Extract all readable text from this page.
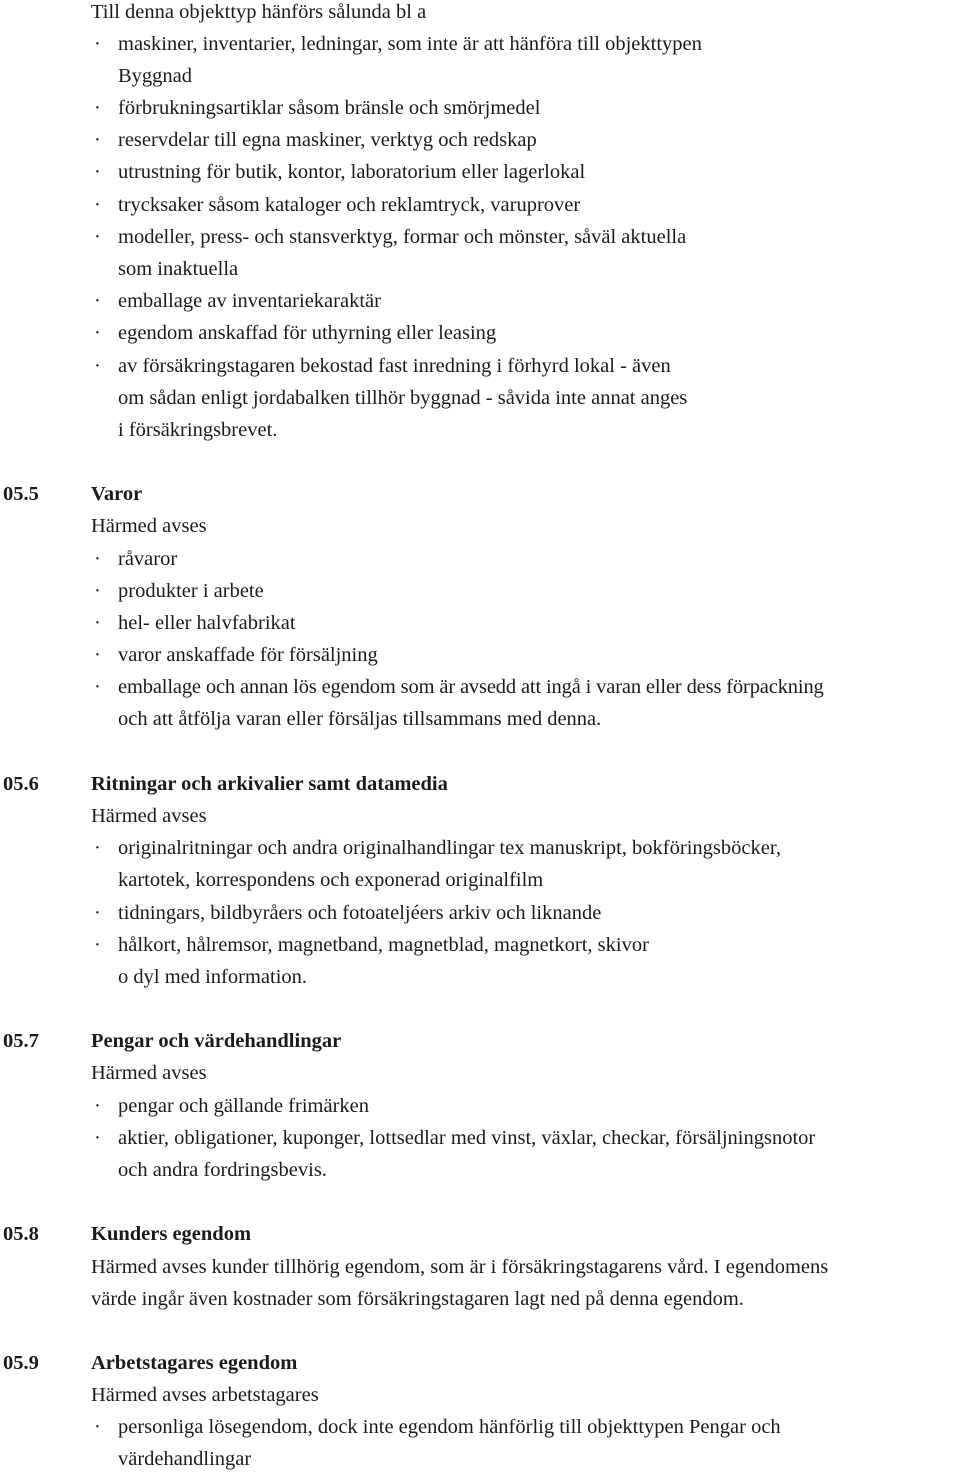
Till denna objekttyp hänförs sålunda bl a
· maskiner, inventarier, ledningar, som inte är att hänföra till objekttypen
Byggnad
· förbrukningsartiklar såsom bränsle och smörjmedel
· reservdelar till egna maskiner, verktyg och redskap
· utrustning för butik, kontor, laboratorium eller lagerlokal
· trycksaker såsom kataloger och reklamtryck, varuprover
· modeller, press- och stansverktyg, formar och mönster, såväl aktuella
som inaktuella
· emballage av inventariekaraktär
· egendom anskaffad för uthyrning eller leasing
· av försäkringstagaren bekostad fast inredning i förhyrd lokal - även
om sådan enligt jordabalken tillhör byggnad - såvida inte annat anges
i försäkringsbrevet.
05.5	Varor
Härmed avses
· råvaror
· produkter i arbete
· hel- eller halvfabrikat
· varor anskaffade för försäljning
· emballage och annan lös egendom som är avsedd att ingå i varan eller dess förpackning
och att åtfölja varan eller försäljas tillsammans med denna.
05.6	Ritningar och arkivalier samt datamedia
Härmed avses
· originalritningar och andra originalhandlingar tex manuskript, bokföringsböcker,
kartotek, korrespondens och exponerad originalfilm
· tidningars, bildbyråers och fotoateljéers arkiv och liknande
· hålkort, hålremsor, magnetband, magnetblad, magnetkort, skivor
o dyl med information.
05.7	Pengar och värdehandlingar
Härmed avses
· pengar och gällande frimärken
· aktier, obligationer, kuponger, lottsedlar med vinst, växlar, checkar, försäljningsnotor
och andra fordringsbevis.
05.8	Kunders egendom
Härmed avses kunder tillhörig egendom, som är i försäkringstagarens vård. I egendomens
värde ingår även kostnader som försäkringstagaren lagt ned på denna egendom.
05.9	Arbetstagares egendom
Härmed avses arbetstagares
· personliga lösegendom, dock inte egendom hänförlig till objekttypen Pengar och
värdehandlingar
